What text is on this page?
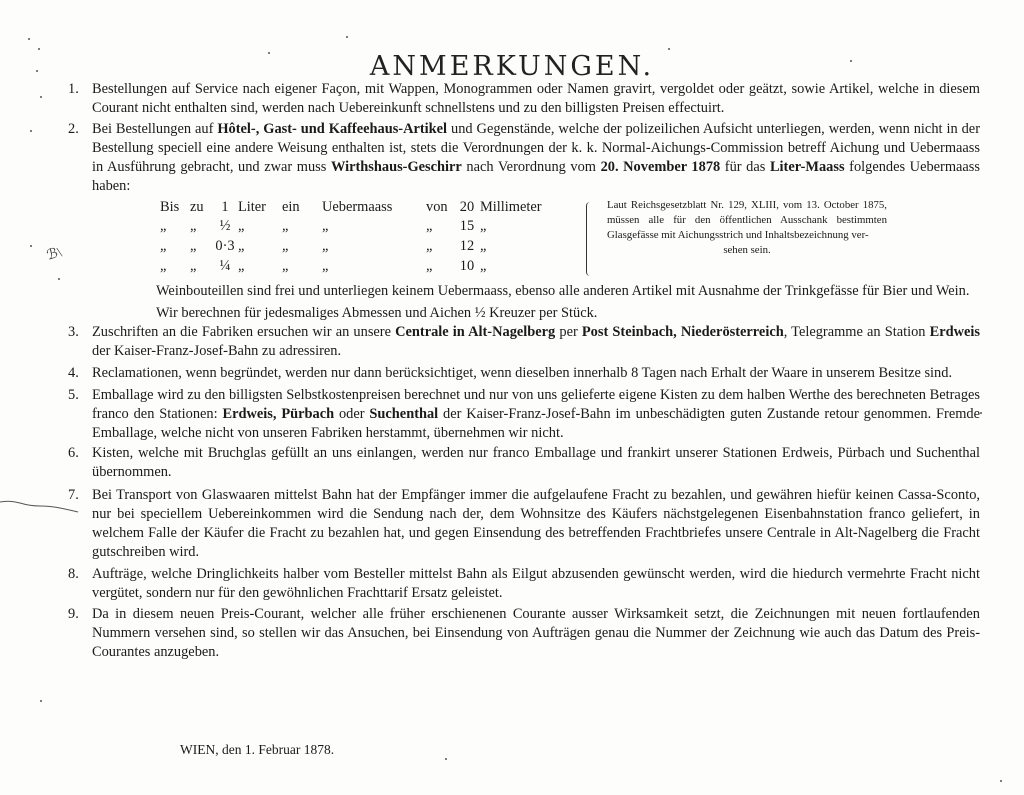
ℬ\
ANMERKUNGEN.
1. Bestellungen auf Service nach eigener Façon, mit Wappen, Monogrammen oder Namen gravirt, vergoldet oder geätzt, sowie Artikel, welche in diesem Courant nicht enthalten sind, werden nach Uebereinkunft schnellstens und zu den billigsten Preisen effectuirt.
2. Bei Bestellungen auf Hôtel-, Gast- und Kaffeehaus-Artikel und Gegenstände, welche der polizeilichen Aufsicht unterliegen, werden, wenn nicht in der Bestellung speciell eine andere Weisung enthalten ist, stets die Verordnungen der k. k. Normal-Aichungs-Commission betreff Aichung und Uebermaass in Ausführung gebracht, und zwar muss Wirthshaus-Geschirr nach Verordnung vom 20. November 1878 für das Liter-Maass folgendes Uebermaass haben:
Bis zu	1 Liter	ein	Uebermaass	von 20 Millimeter
„	„	½ „	„	„	„	15 „
„	„	0·3 „	„	„	„	12 „
„	„	¼ „	„	„	„	10 „
Laut Reichsgesetzblatt Nr. 129, XLIII, vom 13. October 1875, müssen alle für den öffentlichen Ausschank bestimmten Glasgefässe mit Aichungsstrich und Inhaltsbezeichnung ver-
sehen sein.
Weinbouteillen sind frei und unterliegen keinem Uebermaass, ebenso alle anderen Artikel mit Ausnahme der Trinkgefässe für Bier und Wein.
Wir berechnen für jedesmaliges Abmessen und Aichen ½ Kreuzer per Stück.
3. Zuschriften an die Fabriken ersuchen wir an unsere Centrale in Alt-Nagelberg per Post Steinbach, Niederösterreich, Telegramme an Station Erdweis der Kaiser-Franz-Josef-Bahn zu adressiren.
4. Reclamationen, wenn begründet, werden nur dann berücksichtiget, wenn dieselben innerhalb 8 Tagen nach Erhalt der Waare in unserem Besitze sind.
5. Emballage wird zu den billigsten Selbstkostenpreisen berechnet und nur von uns gelieferte eigene Kisten zu dem halben Werthe des berechneten Betrages franco den Stationen: Erdweis, Pürbach oder Suchenthal der Kaiser-Franz-Josef-Bahn im unbeschädigten guten Zustande retour genommen. Fremde Emballage, welche nicht von unseren Fabriken herstammt, übernehmen wir nicht.
6. Kisten, welche mit Bruchglas gefüllt an uns einlangen, werden nur franco Emballage und frankirt unserer Stationen Erdweis, Pürbach und Suchenthal übernommen.
7. Bei Transport von Glaswaaren mittelst Bahn hat der Empfänger immer die aufgelaufene Fracht zu bezahlen, und gewähren hiefür keinen Cassa-Sconto, nur bei speciellem Uebereinkommen wird die Sendung nach der, dem Wohnsitze des Käufers nächstgelegenen Eisenbahnstation franco geliefert, in welchem Falle der Käufer die Fracht zu bezahlen hat, und gegen Einsendung des betreffenden Frachtbriefes unsere Centrale in Alt-Nagelberg die Fracht gutschreiben wird.
8. Aufträge, welche Dringlichkeits halber vom Besteller mittelst Bahn als Eilgut abzusenden gewünscht werden, wird die hiedurch vermehrte Fracht nicht vergütet, sondern nur für den gewöhnlichen Frachttarif Ersatz geleistet.
9. Da in diesem neuen Preis-Courant, welcher alle früher erschienenen Courante ausser Wirksamkeit setzt, die Zeichnungen mit neuen fortlaufenden Nummern versehen sind, so stellen wir das Ansuchen, bei Einsendung von Aufträgen genau die Nummer der Zeichnung wie auch das Datum des Preis-Courantes anzugeben.
WIEN, den 1. Februar 1878.
